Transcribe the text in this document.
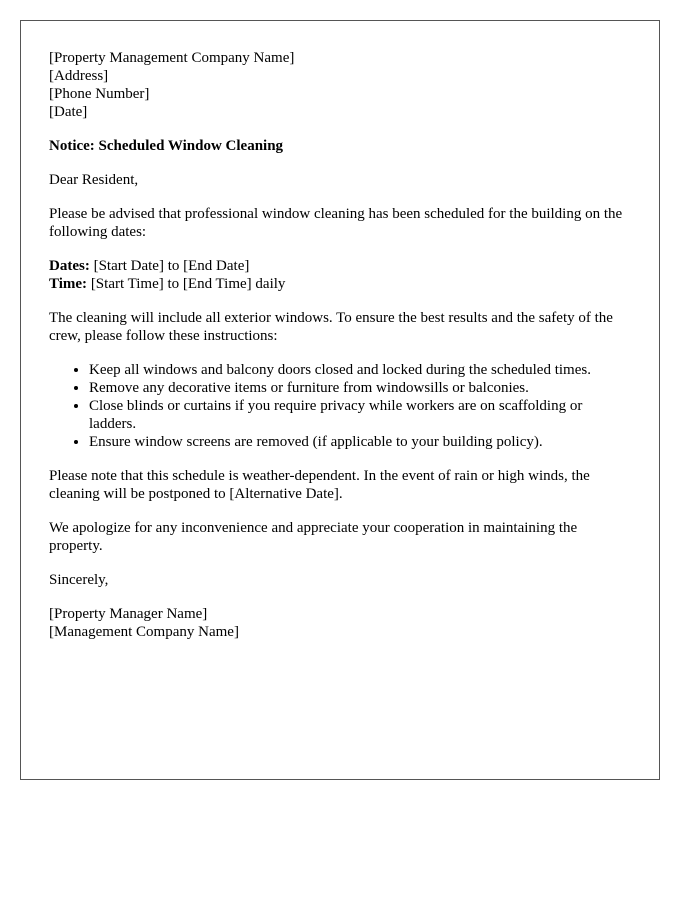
[Property Management Company Name]
[Address]
[Phone Number]
[Date]
Notice: Scheduled Window Cleaning
Dear Resident,
Please be advised that professional window cleaning has been scheduled for the building on the following dates:
Dates: [Start Date] to [End Date]
Time: [Start Time] to [End Time] daily
The cleaning will include all exterior windows. To ensure the best results and the safety of the crew, please follow these instructions:
• Keep all windows and balcony doors closed and locked during the scheduled times.
• Remove any decorative items or furniture from windowsills or balconies.
• Close blinds or curtains if you require privacy while workers are on scaffolding or ladders.
• Ensure window screens are removed (if applicable to your building policy).
Please note that this schedule is weather-dependent. In the event of rain or high winds, the cleaning will be postponed to [Alternative Date].
We apologize for any inconvenience and appreciate your cooperation in maintaining the property.
Sincerely,
[Property Manager Name]
[Management Company Name]
